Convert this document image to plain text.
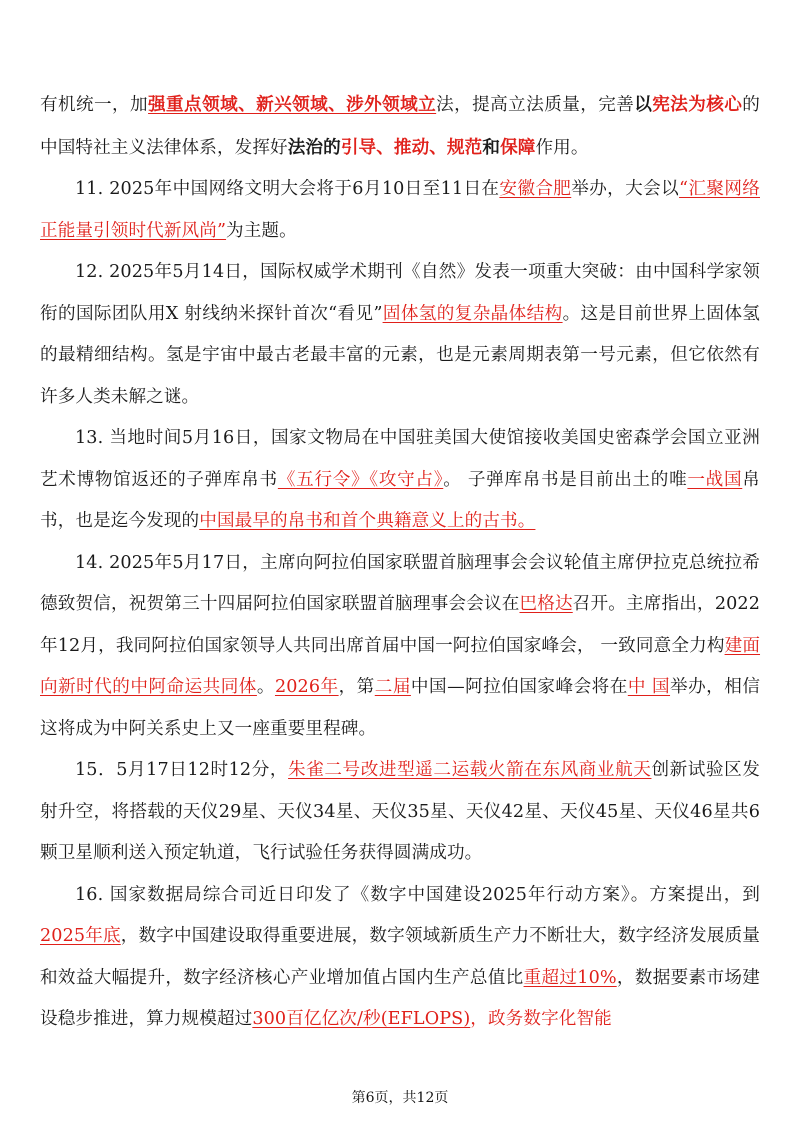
有机统一，加强重点领域、新兴领域、涉外领域立法，提高立法质量，完善以宪法为核心的中国特社主义法律体系，发挥好法治的引导、推动、规范和保障作用。

11. 2025年中国网络文明大会将于6月10日至11日在安徽合肥举办，大会以“汇聚网络正能量引领时代新风尚”为主题。

12. 2025年5月14日，国际权威学术期刊《自然》发表一项重大突破：由中国科学家领衔的国际团队用X 射线纳米探针首次“看见”固体氢的复杂晶体结构。这是目前世界上固体氢的最精细结构。氢是宇宙中最古老最丰富的元素，也是元素周期表第一号元素，但它依然有许多人类未解之谜。

13. 当地时间5月16日，国家文物局在中国驻美国大使馆接收美国史密森学会国立亚洲艺术博物馆返还的子弹库帛书《五行令》《攻守占》。 子弹库帛书是目前出土的唯一战国帛书，也是迄今发现的中国最早的帛书和首个典籍意义上的古书。

14. 2025年5月17日，主席向阿拉伯国家联盟首脑理事会会议轮值主席伊拉克总统拉希德致贺信，祝贺第三十四届阿拉伯国家联盟首脑理事会会议在巴格达召开。主席指出，2022年12月，我同阿拉伯国家领导人共同出席首届中国一阿拉伯国家峰会， 一致同意全力构建面向新时代的中阿命运共同体。2026年，第二届中国—阿拉伯国家峰会将在中 国举办，相信这将成为中阿关系史上又一座重要里程碑。

15．5月17日12时12分，朱雀二号改进型遥二运载火箭在东风商业航天创新试验区发射升空，将搭载的天仪29星、天仪34星、天仪35星、天仪42星、天仪45星、天仪46星共6颗卫星顺利送入预定轨道，飞行试验任务获得圆满成功。

16. 国家数据局综合司近日印发了《数字中国建设2025年行动方案》。方案提出，到 2025年底，数字中国建设取得重要进展，数字领域新质生产力不断壮大，数字经济发展质量和效益大幅提升，数字经济核心产业增加值占国内生产总值比重超过10%，数据要素市场建设稳步推进，算力规模超过300百亿亿次/秒(EFLOPS)，政务数字化智能

第6页，共12页
